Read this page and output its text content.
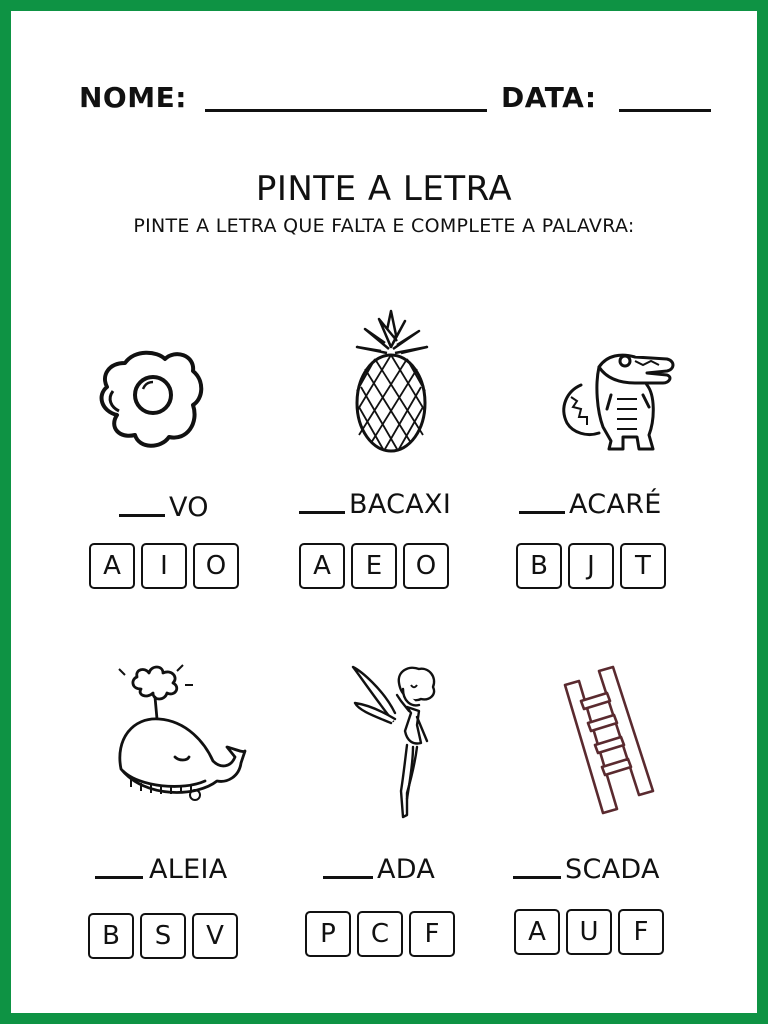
NOME:	DATA:
PINTE A LETRA
PINTE A LETRA QUE FALTA E COMPLETE A PALAVRA:
VO
A	I	O
BACAXI
A	E	O
ACARÉ
B	J	T
ALEIA
B	S	V
ADA
P	C	F
SCADA
A	U	F
